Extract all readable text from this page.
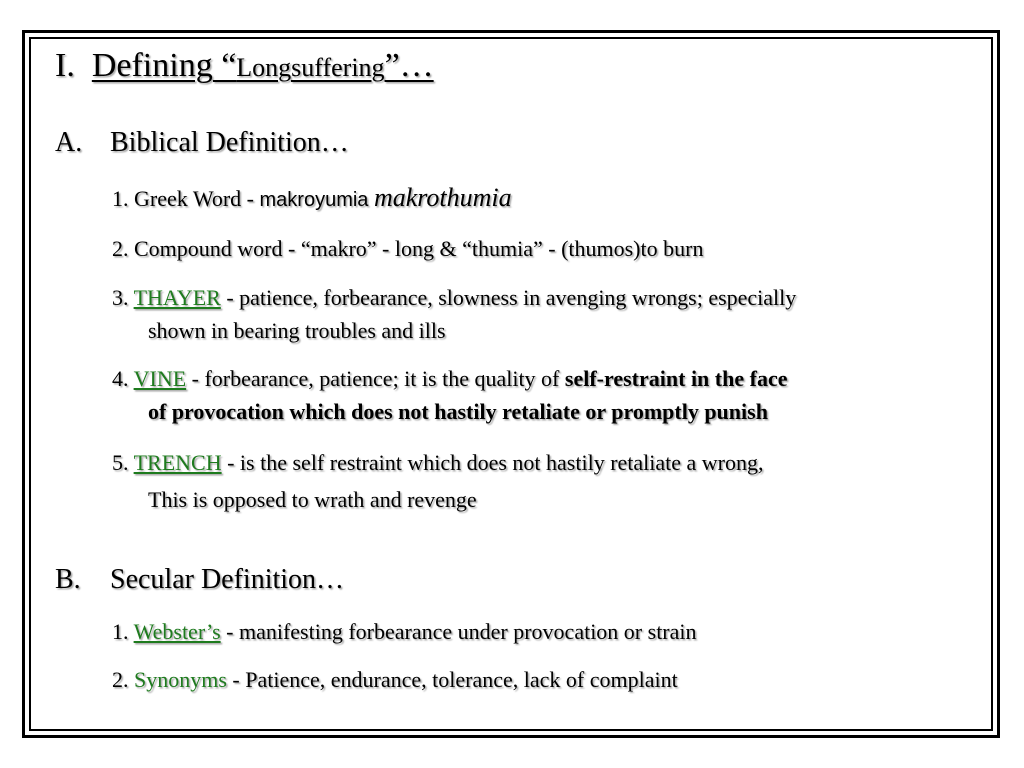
I. Defining “Longsuffering”…
A. Biblical Definition…
1. Greek Word - makroyumia makrothumia
2. Compound word - “makro” - long & “thumia” - (thumos)to burn
3. THAYER - patience, forbearance, slowness in avenging wrongs; especially
shown in bearing troubles and ills
4. VINE - forbearance, patience; it is the quality of self-restraint in the face
of provocation which does not hastily retaliate or promptly punish
5. TRENCH - is the self restraint which does not hastily retaliate a wrong,
This is opposed to wrath and revenge
B. Secular Definition…
1. Webster’s - manifesting forbearance under provocation or strain
2. Synonyms - Patience, endurance, tolerance, lack of complaint
